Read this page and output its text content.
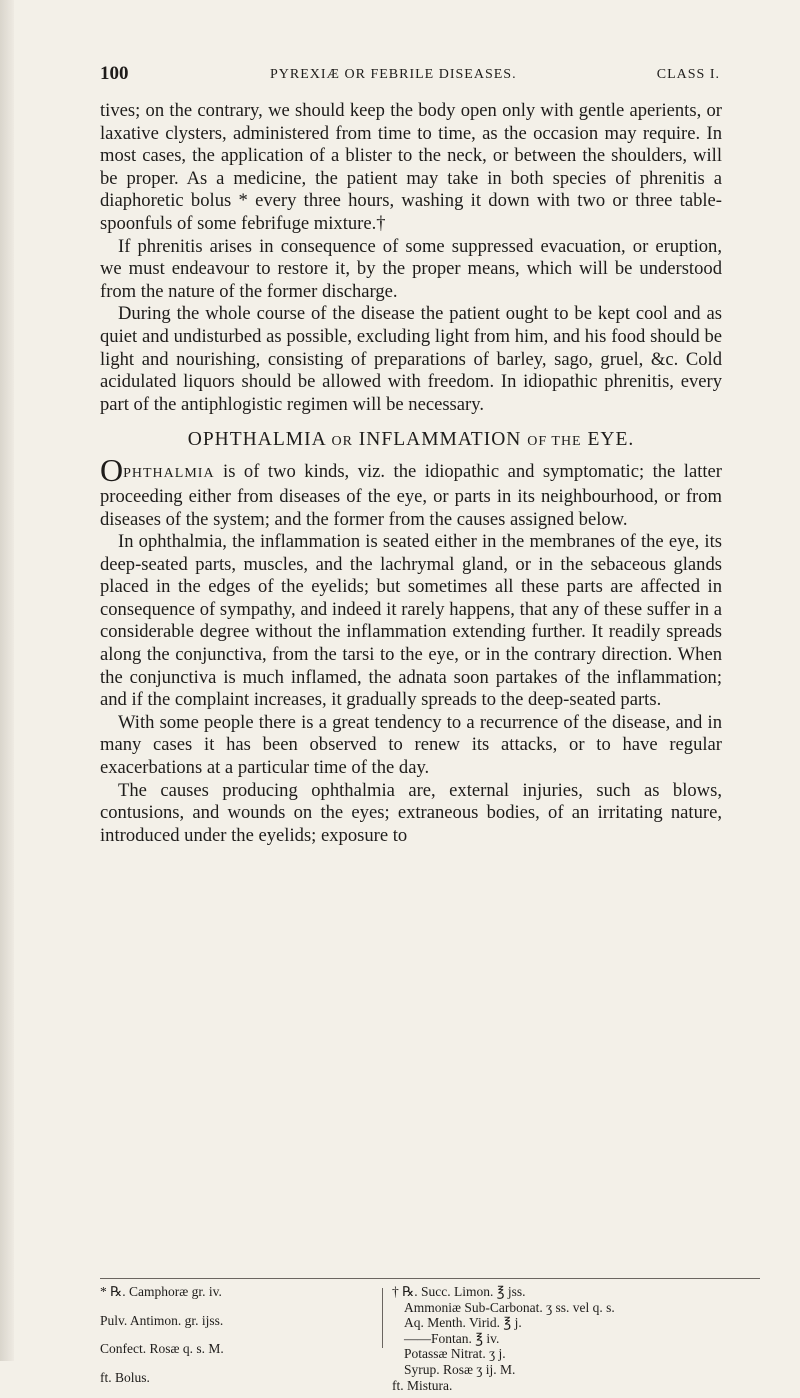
100	PYREXIÆ OR FEBRILE DISEASES.	CLASS I.

tives; on the contrary, we should keep the body open only with gentle aperients, or laxative clysters, administered from time to time, as the occasion may require. In most cases, the application of a blister to the neck, or between the shoulders, will be proper. As a medicine, the patient may take in both species of phrenitis a diaphoretic bolus * every three hours, washing it down with two or three table-spoonfuls of some febrifuge mixture.†

If phrenitis arises in consequence of some suppressed evacuation, or eruption, we must endeavour to restore it, by the proper means, which will be understood from the nature of the former discharge.

During the whole course of the disease the patient ought to be kept cool and as quiet and undisturbed as possible, excluding light from him, and his food should be light and nourishing, consisting of preparations of barley, sago, gruel, &c. Cold acidulated liquors should be allowed with freedom. In idiopathic phrenitis, every part of the antiphlogistic regimen will be necessary.

OPHTHALMIA OR INFLAMMATION OF THE EYE.

OPHTHALMIA is of two kinds, viz. the idiopathic and symptomatic; the latter proceeding either from diseases of the eye, or parts in its neighbourhood, or from diseases of the system; and the former from the causes assigned below.

In ophthalmia, the inflammation is seated either in the membranes of the eye, its deep-seated parts, muscles, and the lachrymal gland, or in the sebaceous glands placed in the edges of the eyelids; but sometimes all these parts are affected in consequence of sympathy, and indeed it rarely happens, that any of these suffer in a considerable degree without the inflammation extending further. It readily spreads along the conjunctiva, from the tarsi to the eye, or in the contrary direction. When the conjunctiva is much inflamed, the adnata soon partakes of the inflammation; and if the complaint increases, it gradually spreads to the deep-seated parts.

With some people there is a great tendency to a recurrence of the disease, and in many cases it has been observed to renew its attacks, or to have regular exacerbations at a particular time of the day.

The causes producing ophthalmia are, external injuries, such as blows, contusions, and wounds on the eyes; extraneous bodies, of an irritating nature, introduced under the eyelids; exposure to

* ℞. Camphoræ gr. iv.
Pulv. Antimon. gr. ijss.
Confect. Rosæ q. s. M.
ft. Bolus.
† ℞. Succ. Limon. ℥ jss.
Ammoniæ Sub-Carbonat. ʒ ss. vel q. s.
Aq. Menth. Virid. ℥ j.
——Fontan. ℥ iv.
Potassæ Nitrat. ʒ j.
Syrup. Rosæ ʒ ij. M.
ft. Mistura.
